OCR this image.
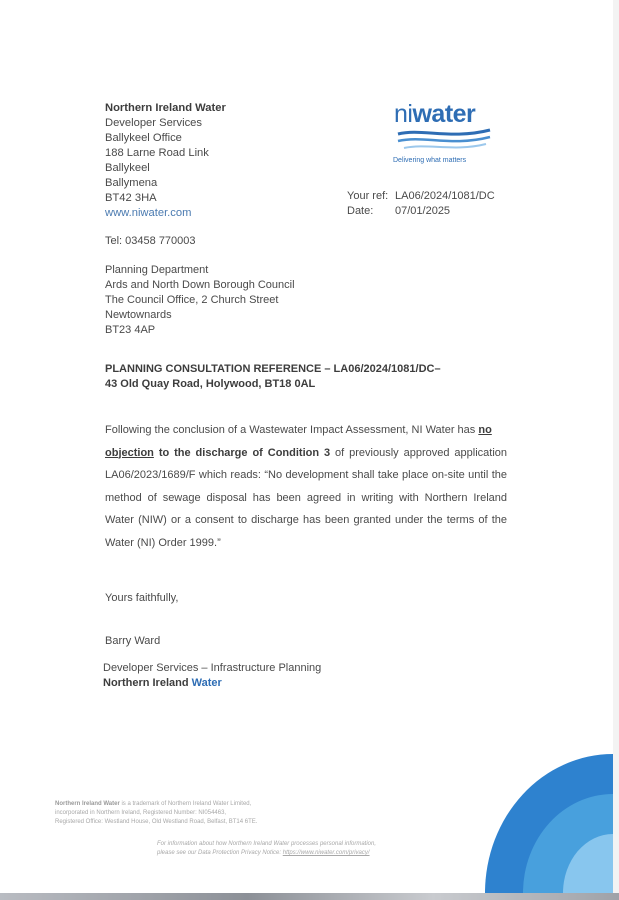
Northern Ireland Water
Developer Services
Ballykeel Office
188 Larne Road Link
Ballykeel
Ballymena
BT42 3HA
www.niwater.com
niwater
Delivering what matters
Your ref: LA06/2024/1081/DC
Date: 07/01/2025
Tel: 03458 770003
Planning Department
Ards and North Down Borough Council
The Council Office, 2 Church Street
Newtownards
BT23 4AP
PLANNING CONSULTATION REFERENCE – LA06/2024/1081/DC–
43 Old Quay Road, Holywood, BT18 0AL
Following the conclusion of a Wastewater Impact Assessment, NI Water has no
objection to the discharge of Condition 3 of previously approved application LA06/2023/1689/F which reads: “No development shall take place on-site until the method of sewage disposal has been agreed in writing with Northern Ireland Water (NIW) or a consent to discharge has been granted under the terms of the Water (NI) Order 1999.”
Yours faithfully,
Barry Ward
Developer Services – Infrastructure Planning
Northern Ireland Water
Northern Ireland Water is a trademark of Northern Ireland Water Limited,
incorporated in Northern Ireland, Registered Number: NI054463,
Registered Office: Westland House, Old Westland Road, Belfast, BT14 6TE.
For information about how Northern Ireland Water processes personal information,
please see our Data Protection Privacy Notice: https://www.niwater.com/privacy/
